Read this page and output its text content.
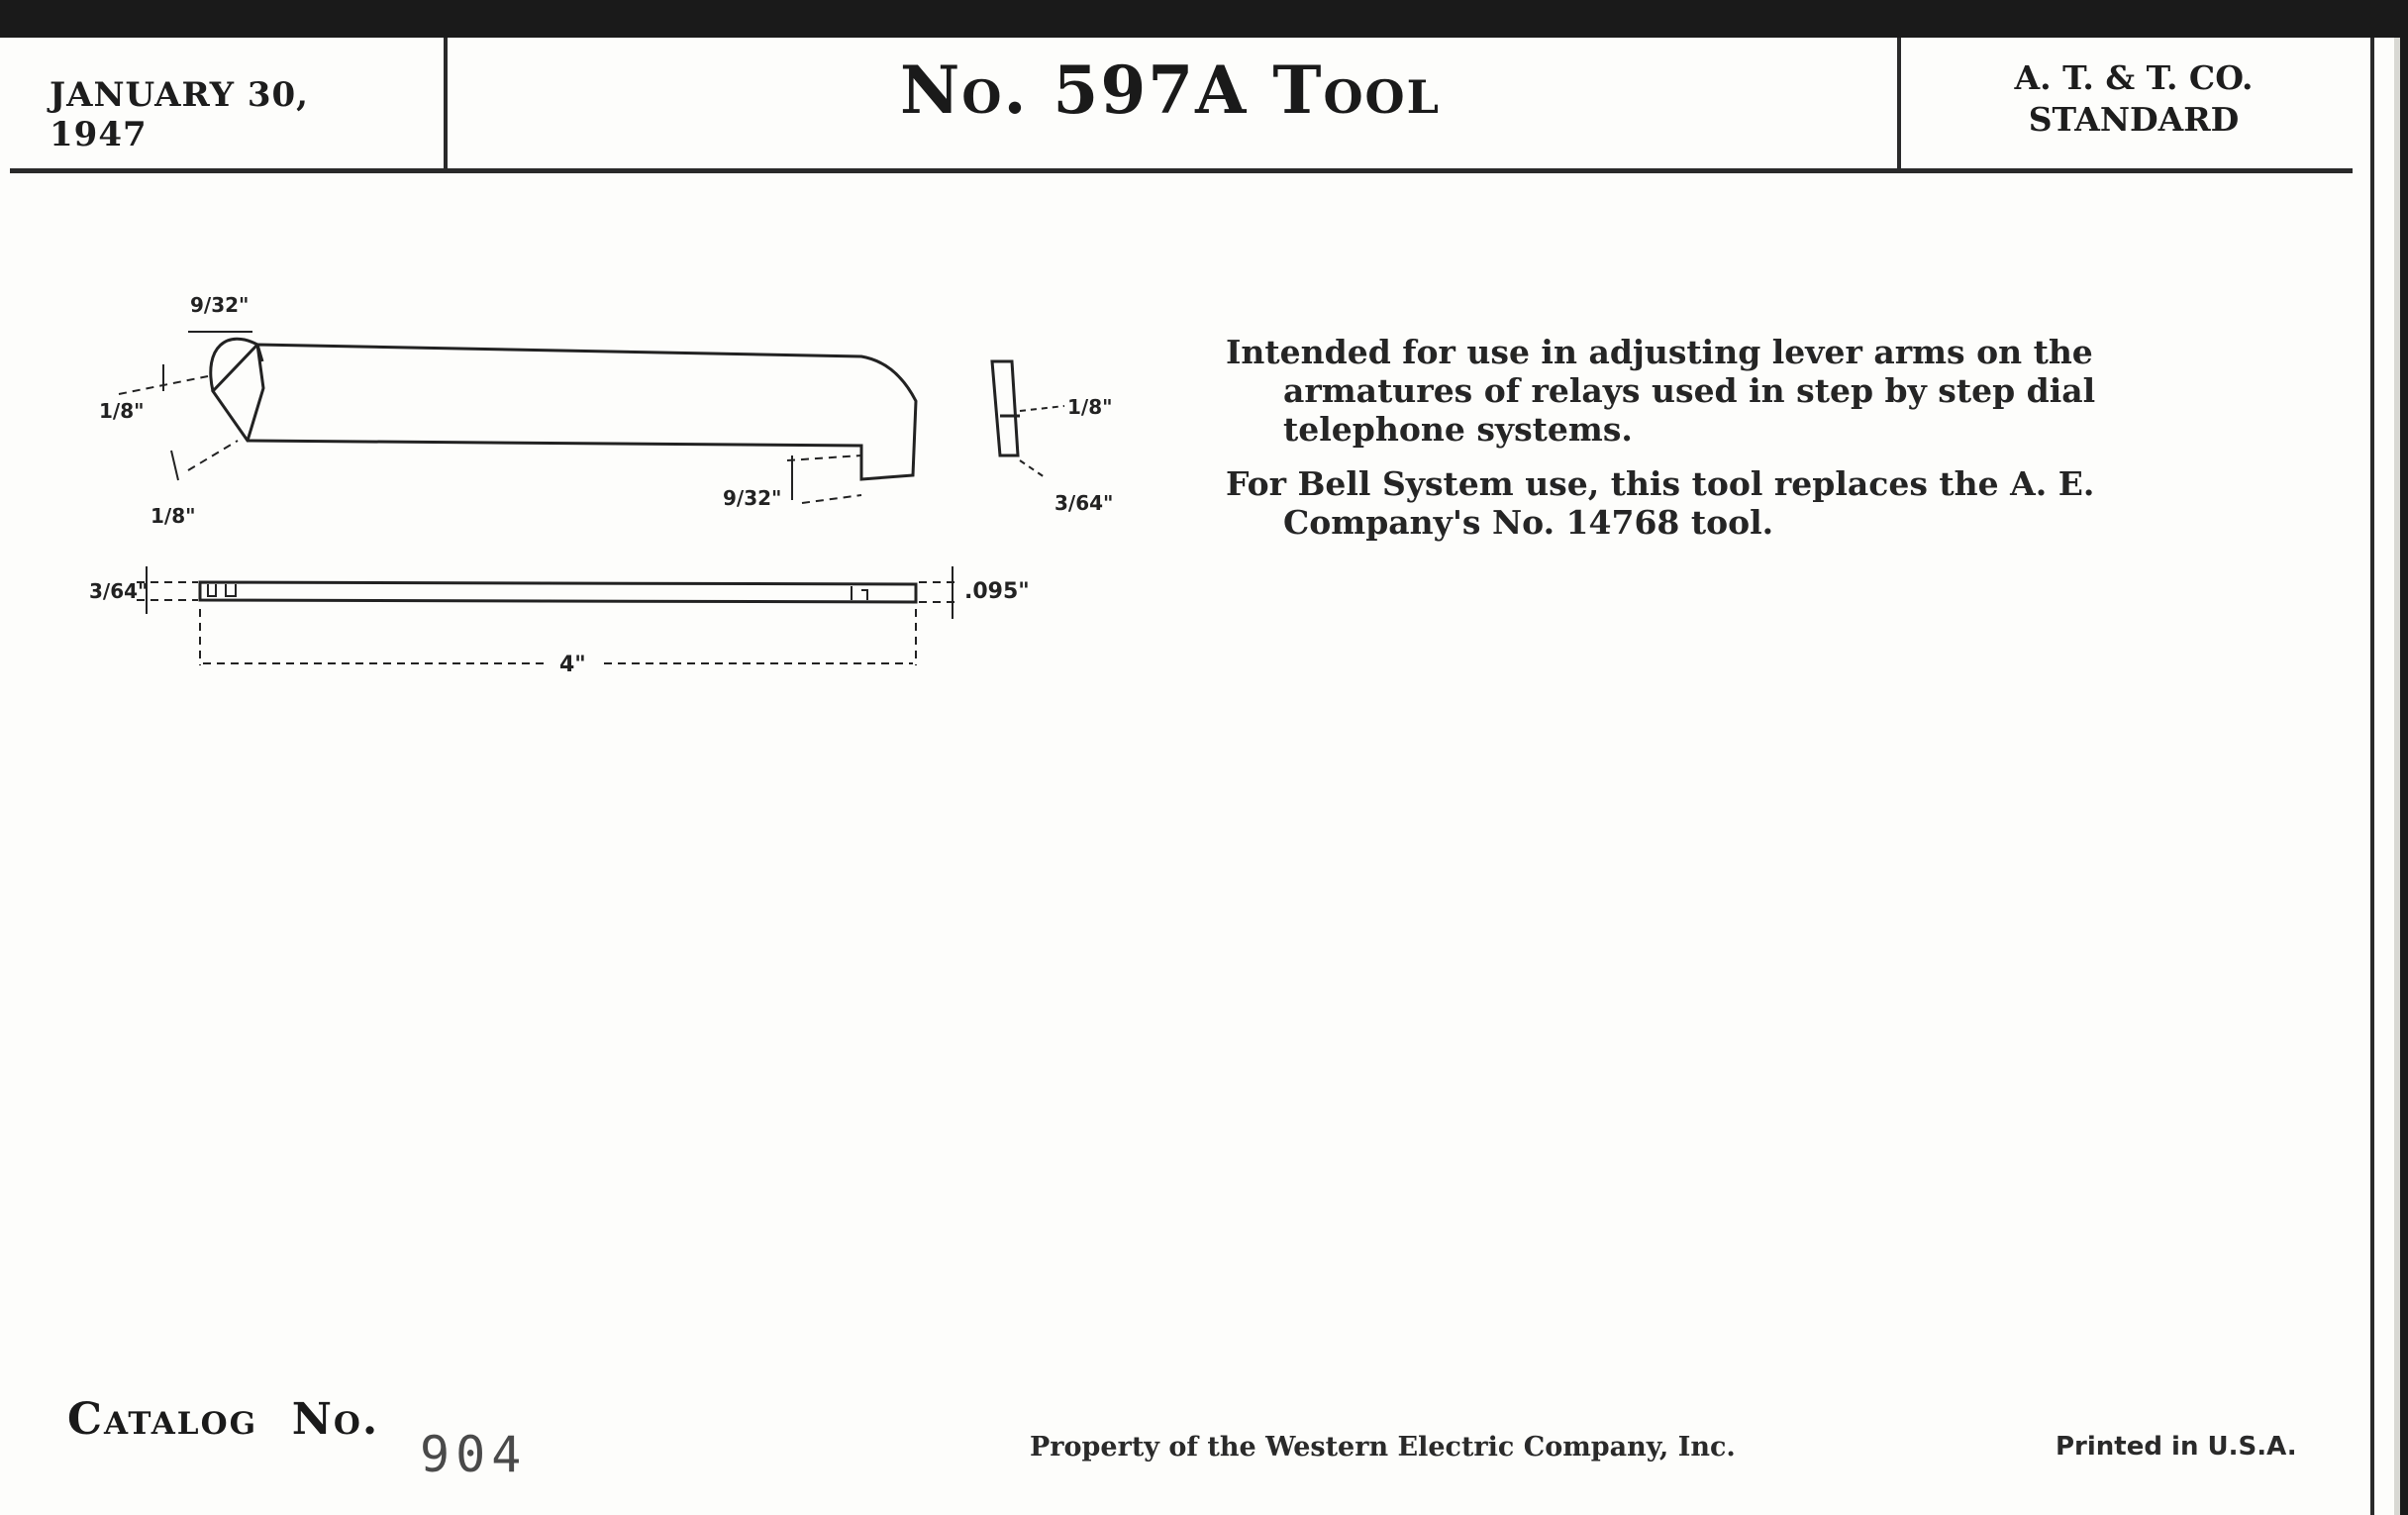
JANUARY 30, 1947
No. 597A Tool	A. T. & T. CO.
STANDARD

Intended for use in adjusting lever arms on the armatures of relays used in step by step dial telephone systems.

For Bell System use, this tool replaces the A. E. Company's No. 14768 tool.

9/32"
1/8"
1/8"
9/32"
1/8"
3/64"
3/64"	.095"
4"
Catalog  No.
904	Property of the Western Electric Company, Inc.	Printed in U.S.A.
